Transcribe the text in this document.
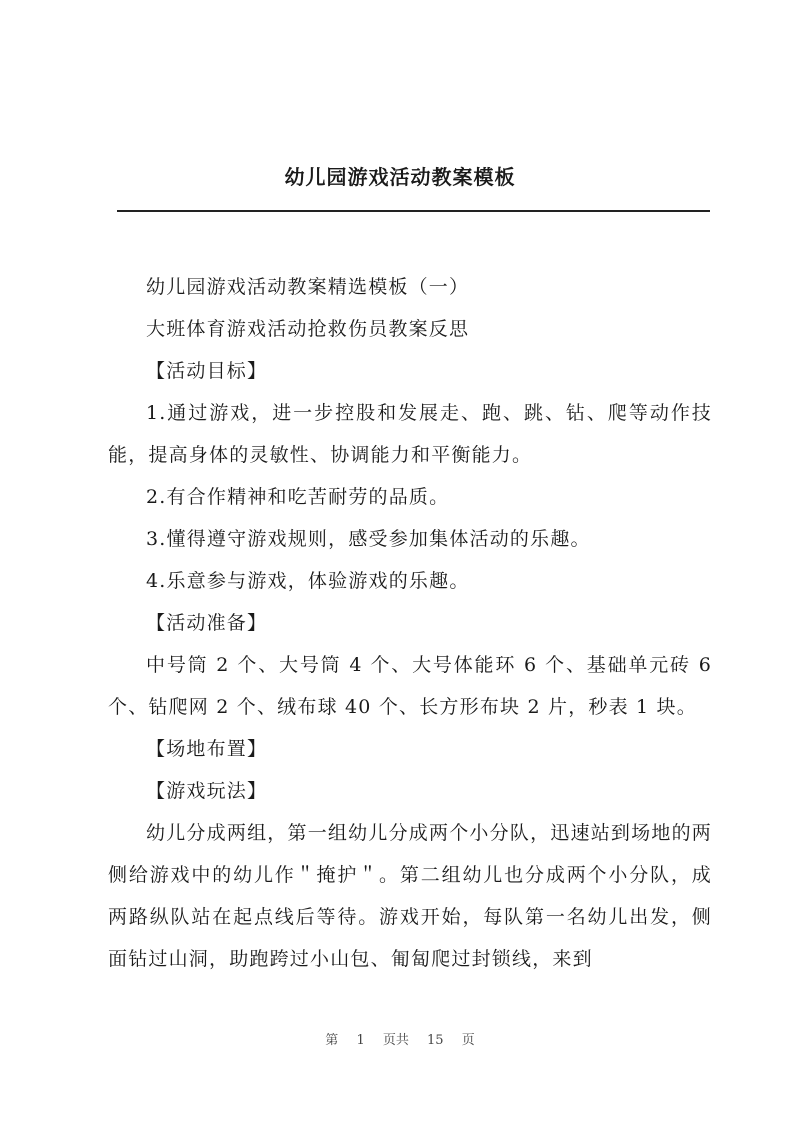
幼儿园游戏活动教案模板

幼儿园游戏活动教案精选模板（一）

大班体育游戏活动抢救伤员教案反思

【活动目标】

1.通过游戏，进一步控股和发展走、跑、跳、钻、爬等动作技能，提高身体的灵敏性、协调能力和平衡能力。

2.有合作精神和吃苦耐劳的品质。

3.懂得遵守游戏规则，感受参加集体活动的乐趣。

4.乐意参与游戏，体验游戏的乐趣。

【活动准备】

中号筒 2 个、大号筒 4 个、大号体能环 6 个、基础单元砖 6 个、钻爬网 2 个、绒布球 40 个、长方形布块 2 片，秒表 1 块。

【场地布置】

【游戏玩法】

幼儿分成两组，第一组幼儿分成两个小分队，迅速站到场地的两侧给游戏中的幼儿作＂掩护＂。第二组幼儿也分成两个小分队，成两路纵队站在起点线后等待。游戏开始，每队第一名幼儿出发，侧面钻过山洞，助跑跨过小山包、匍匐爬过封锁线，来到

第 1 页共 15 页
